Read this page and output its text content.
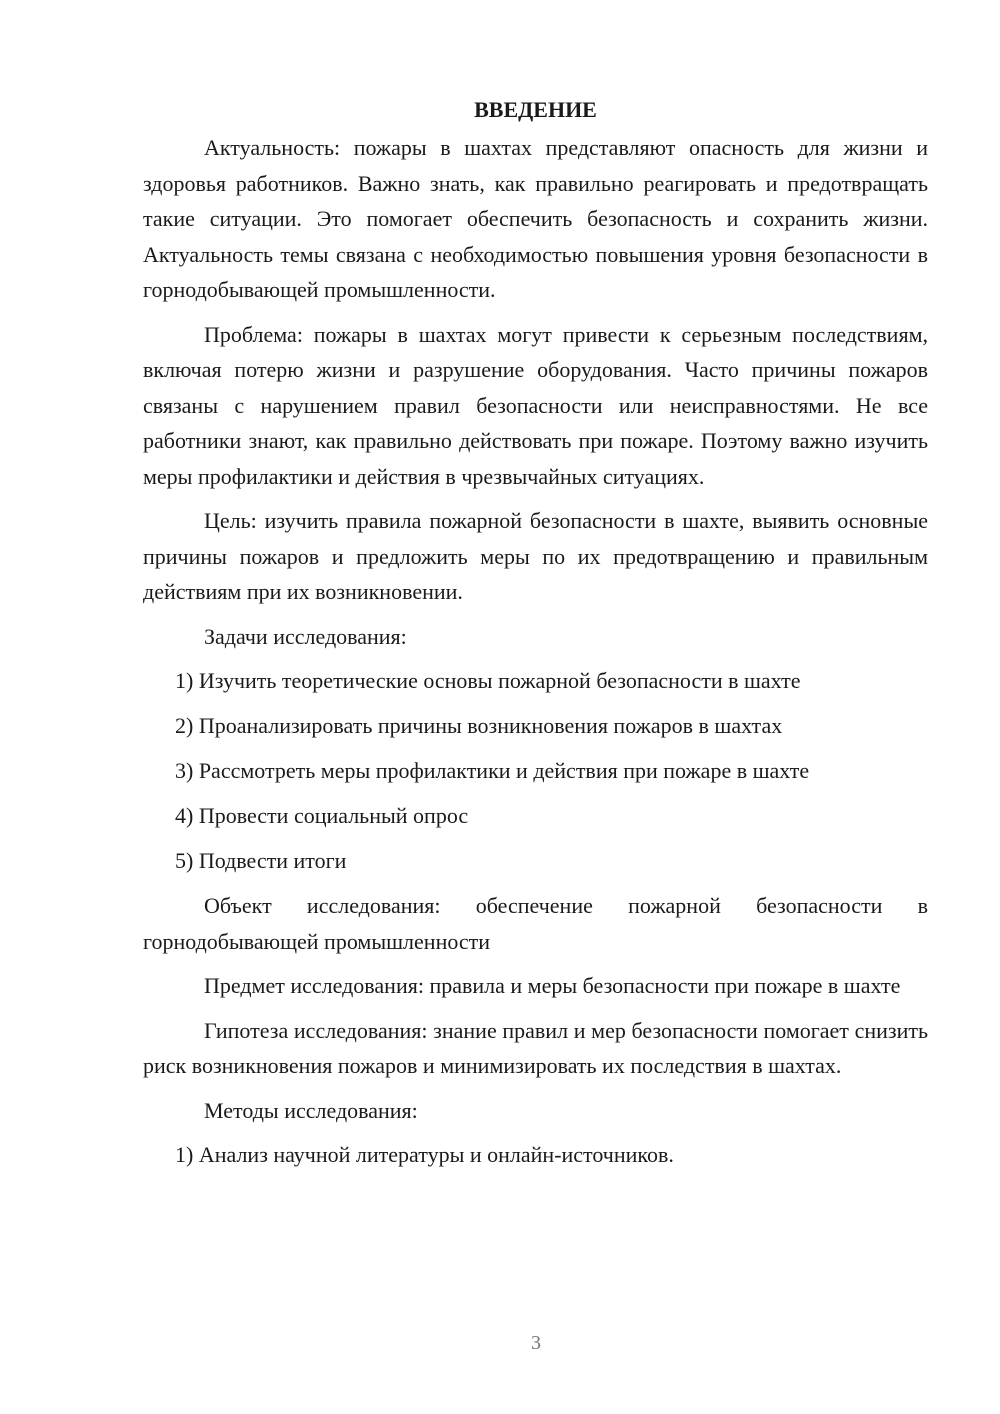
ВВЕДЕНИЕ

Актуальность: пожары в шахтах представляют опасность для жизни и здоровья работников. Важно знать, как правильно реагировать и предотвращать такие ситуации. Это помогает обеспечить безопасность и сохранить жизни. Актуальность темы связана с необходимостью повышения уровня безопасности в горнодобывающей промышленности.

Проблема: пожары в шахтах могут привести к серьезным последствиям, включая потерю жизни и разрушение оборудования. Часто причины пожаров связаны с нарушением правил безопасности или неисправностями. Не все работники знают, как правильно действовать при пожаре. Поэтому важно изучить меры профилактики и действия в чрезвычайных ситуациях.

Цель: изучить правила пожарной безопасности в шахте, выявить основные причины пожаров и предложить меры по их предотвращению и правильным действиям при их возникновении.

Задачи исследования:

1) Изучить теоретические основы пожарной безопасности в шахте
2) Проанализировать причины возникновения пожаров в шахтах
3) Рассмотреть меры профилактики и действия при пожаре в шахте
4) Провести социальный опрос
5) Подвести итоги

Объект исследования: обеспечение пожарной безопасности в горнодобывающей промышленности

Предмет исследования: правила и меры безопасности при пожаре в шахте

Гипотеза исследования: знание правил и мер безопасности помогает снизить риск возникновения пожаров и минимизировать их последствия в шахтах.

Методы исследования:

1) Анализ научной литературы и онлайн-источников.
3
